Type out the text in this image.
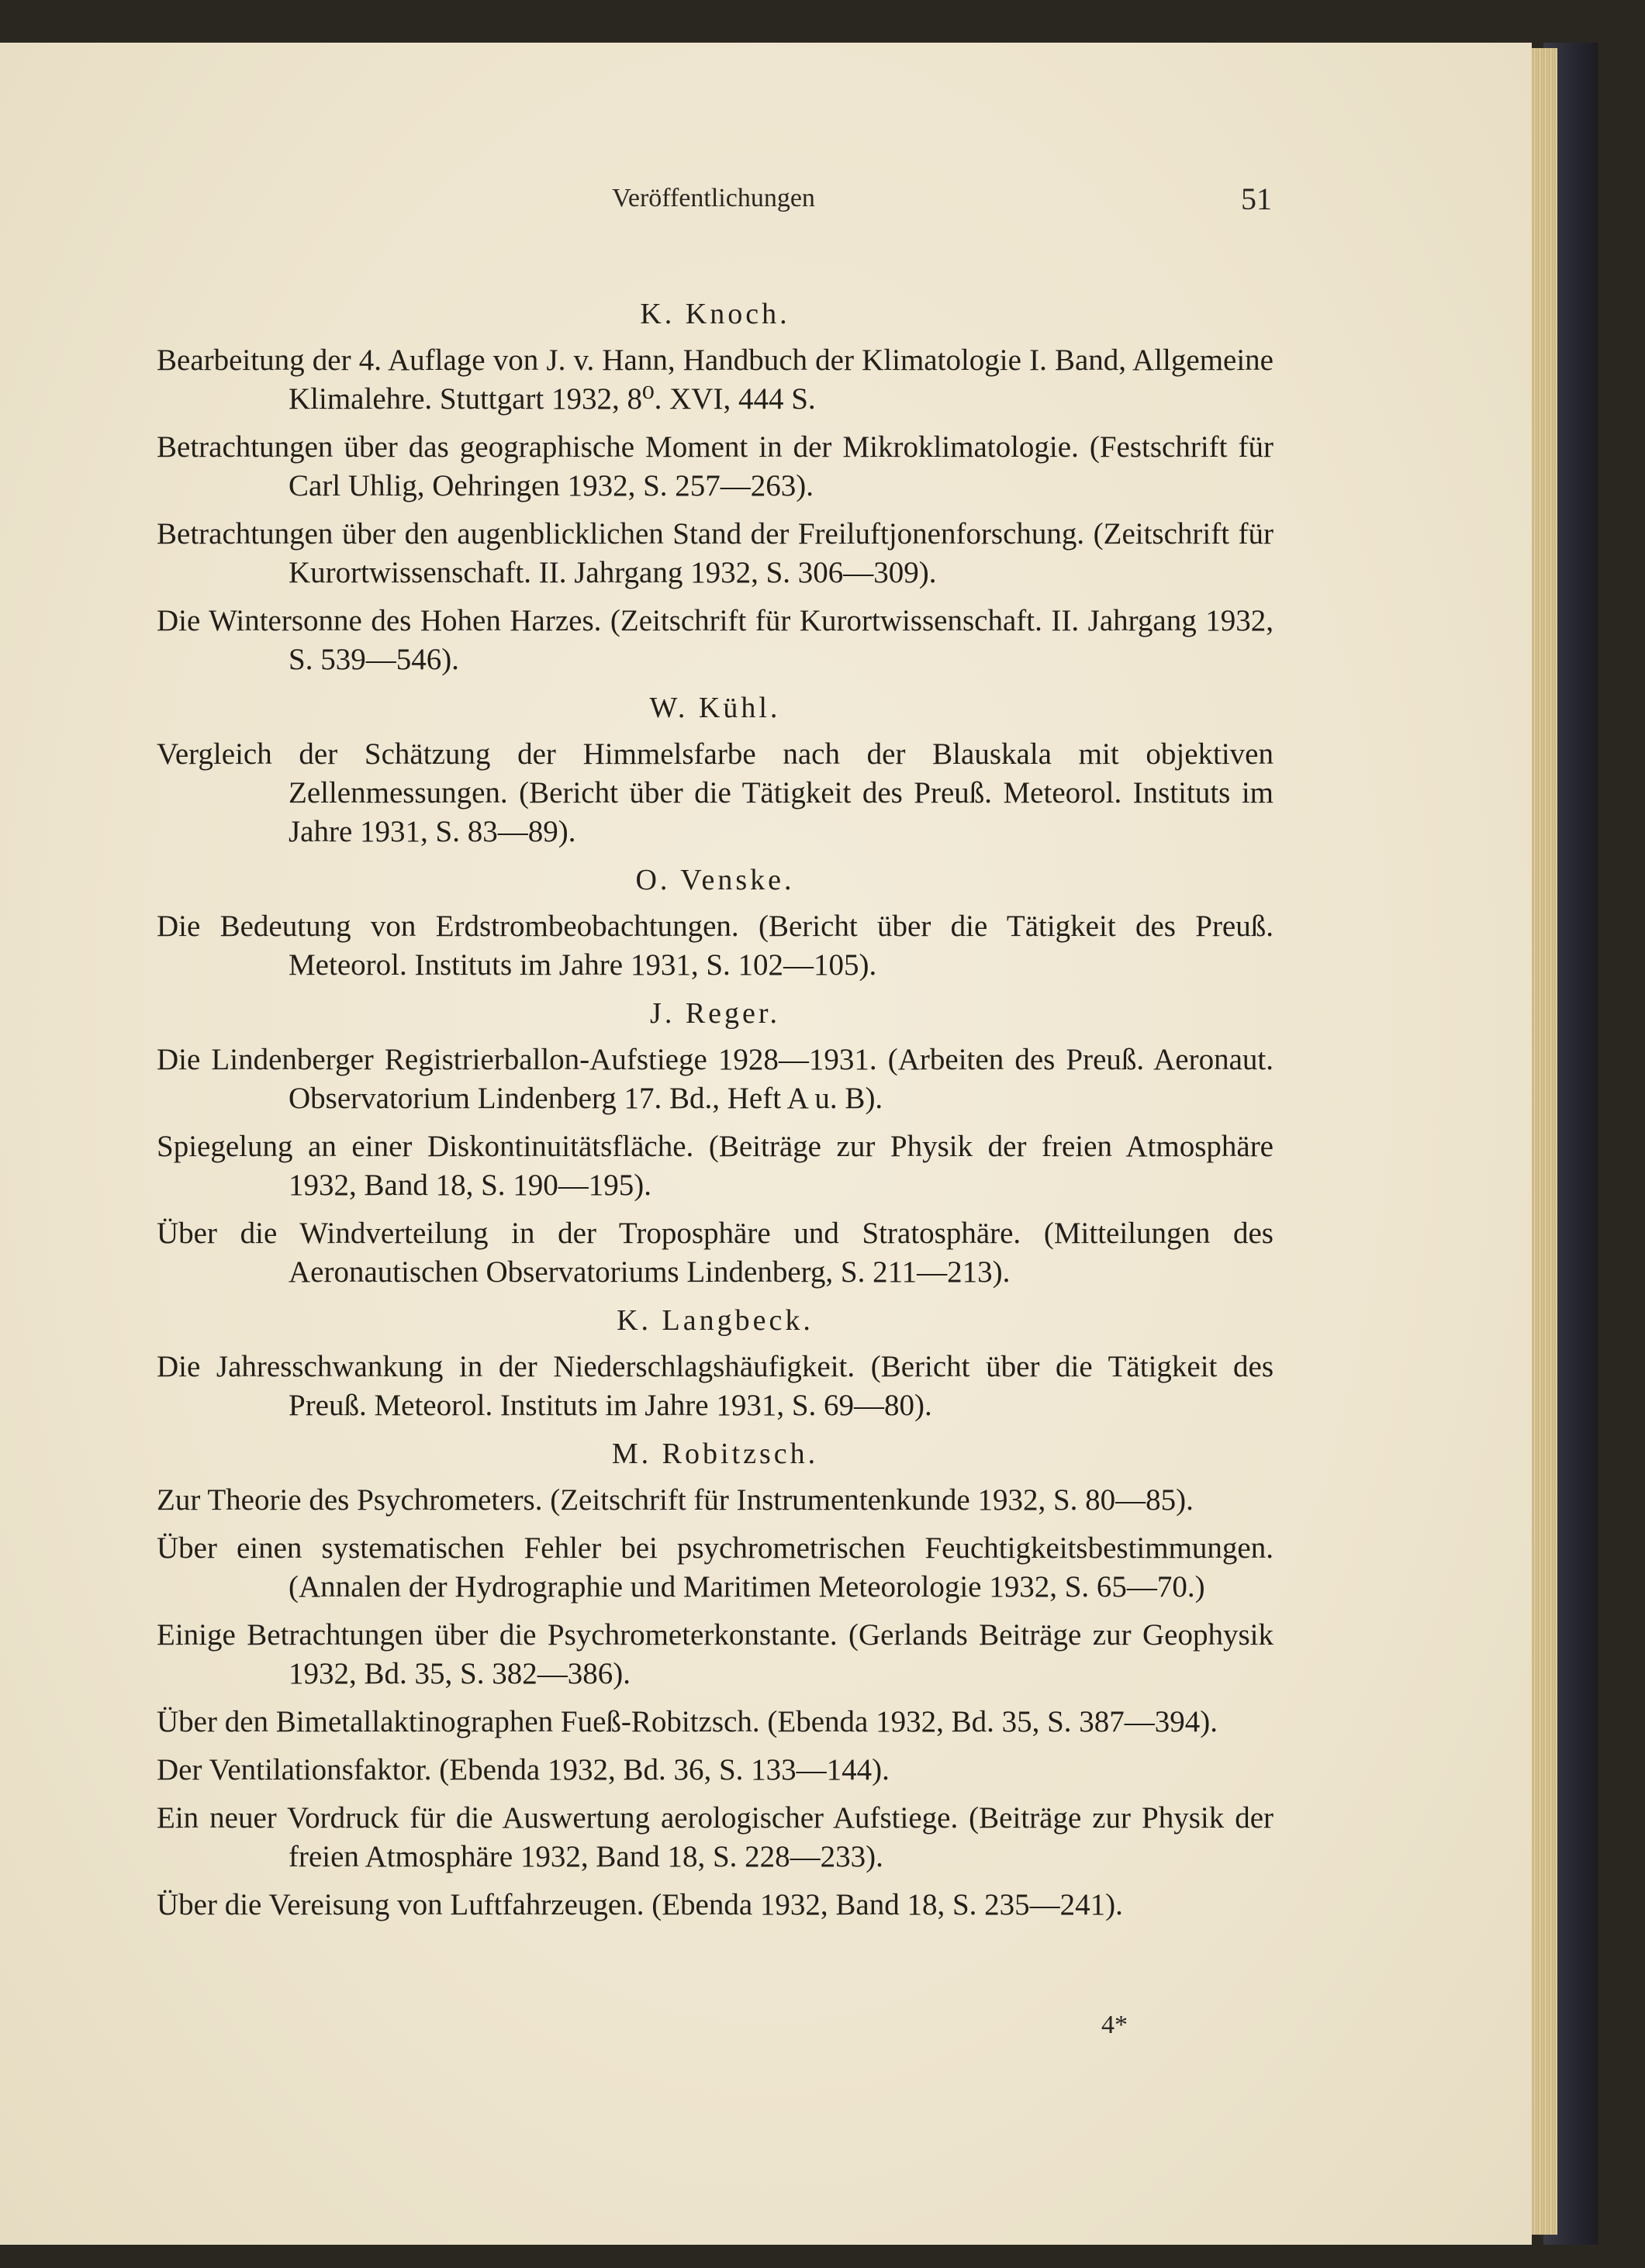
Veröffentlichungen	51
K. Knoch.
Bearbeitung der 4. Auflage von J. v. Hann, Handbuch der Klimatologie I. Band, Allgemeine Klimalehre. Stuttgart 1932, 8⁰. XVI, 444 S.
Betrachtungen über das geographische Moment in der Mikroklimatologie. (Festschrift für Carl Uhlig, Oehringen 1932, S. 257—263).
Betrachtungen über den augenblicklichen Stand der Freiluftjonenforschung. (Zeitschrift für Kurortwissenschaft. II. Jahrgang 1932, S. 306—309).
Die Wintersonne des Hohen Harzes. (Zeitschrift für Kurortwissenschaft. II. Jahrgang 1932, S. 539—546).
W. Kühl.
Vergleich der Schätzung der Himmelsfarbe nach der Blauskala mit objektiven Zellenmessungen. (Bericht über die Tätigkeit des Preuß. Meteorol. Instituts im Jahre 1931, S. 83—89).
O. Venske.
Die Bedeutung von Erdstrombeobachtungen. (Bericht über die Tätigkeit des Preuß. Meteorol. Instituts im Jahre 1931, S. 102—105).
J. Reger.
Die Lindenberger Registrierballon-Aufstiege 1928—1931. (Arbeiten des Preuß. Aeronaut. Observatorium Lindenberg 17. Bd., Heft A u. B).
Spiegelung an einer Diskontinuitätsfläche. (Beiträge zur Physik der freien Atmosphäre 1932, Band 18, S. 190—195).
Über die Windverteilung in der Troposphäre und Stratosphäre. (Mitteilungen des Aeronautischen Observatoriums Lindenberg, S. 211—213).
K. Langbeck.
Die Jahresschwankung in der Niederschlagshäufigkeit. (Bericht über die Tätigkeit des Preuß. Meteorol. Instituts im Jahre 1931, S. 69—80).
M. Robitzsch.
Zur Theorie des Psychrometers. (Zeitschrift für Instrumentenkunde 1932, S. 80—85).
Über einen systematischen Fehler bei psychrometrischen Feuchtigkeitsbestimmungen. (Annalen der Hydrographie und Maritimen Meteorologie 1932, S. 65—70.)
Einige Betrachtungen über die Psychrometerkonstante. (Gerlands Beiträge zur Geophysik 1932, Bd. 35, S. 382—386).
Über den Bimetallaktinographen Fueß-Robitzsch. (Ebenda 1932, Bd. 35, S. 387—394).
Der Ventilationsfaktor. (Ebenda 1932, Bd. 36, S. 133—144).
Ein neuer Vordruck für die Auswertung aerologischer Aufstiege. (Beiträge zur Physik der freien Atmosphäre 1932, Band 18, S. 228—233).
Über die Vereisung von Luftfahrzeugen. (Ebenda 1932, Band 18, S. 235—241).
4*
